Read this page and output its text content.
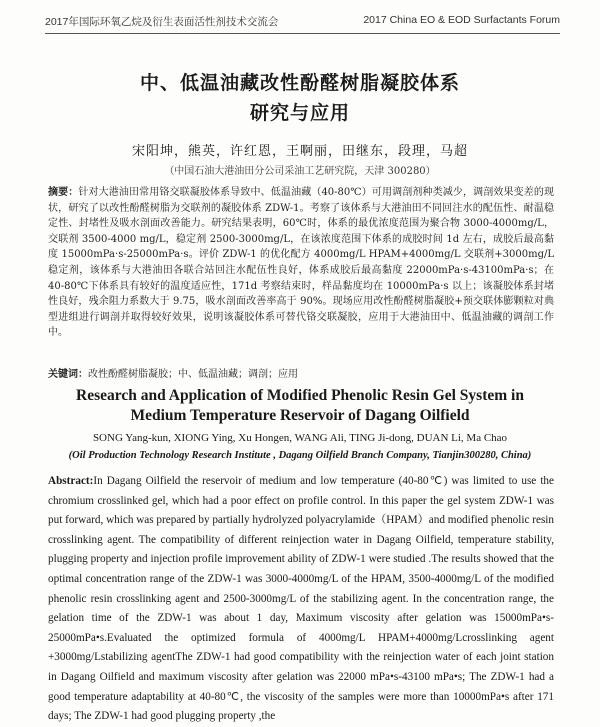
2017年国际环氧乙烷及衍生表面活性剂技术交流会	2017 China EO & EOD Surfactants Forum
中、低温油藏改性酚醛树脂凝胶体系
研究与应用
宋阳坤，熊英，许红恩，王啊丽，田继东，段理，马超
（中国石油大港油田分公司采油工艺研究院，天津 300280）
摘要：针对大港油田常用铬交联凝胶体系导致中、低温油藏（40-80℃）可用调剖剂种类减少，调剖效果变差的现状，研究了以改性酚醛树脂为交联剂的凝胶体系 ZDW-1。考察了该体系与大港油田不同回注水的配伍性、耐温稳定性、封堵性及吸水剖面改善能力。研究结果表明，60℃时，体系的最优浓度范围为聚合物 3000-4000mg/L，交联剂 3500-4000 mg/L，稳定剂 2500-3000mg/L，在该浓度范围下体系的成胶时间 1d 左右，成胶后最高黏度 15000mPa·s-25000mPa·s。评价 ZDW-1 的优化配方 4000mg/L HPAM+4000mg/L 交联剂+3000mg/L 稳定剂，该体系与大港油田各联合站回注水配伍性良好，体系成胶后最高黏度 22000mPa·s-43100mPa·s；在 40-80℃下体系具有较好的温度适应性，171d 考察结束时，样品黏度均在 10000mPa·s 以上；该凝胶体系封堵性良好，残余阻力系数大于 9.75，吸水剖面改善率高于 90%。现场应用改性酚醛树脂凝胶+预交联体膨颗粒对典型进组进行调剖并取得较好效果，说明该凝胶体系可替代铬交联凝胶，应用于大港油田中、低温油藏的调剖工作中。
关键词：改性酚醛树脂凝胶；中、低温油藏；调剖；应用
Research and Application of Modified Phenolic Resin Gel System in
Medium Temperature Reservoir of Dagang Oilfield
SONG Yang-kun, XIONG Ying, Xu Hongen, WANG Ali, TING Ji-dong, DUAN Li, Ma Chao
(Oil Production Technology Research Institute , Dagang Oilfield Branch Company, Tianjin300280, China)
Abstract:In Dagang Oilfield the reservoir of medium and low temperature (40-80℃) was limited to use the chromium crosslinked gel, which had a poor effect on profile control. In this paper the gel system ZDW-1 was put forward, which was prepared by partially hydrolyzed polyacrylamide（HPAM）and modified phenolic resin crosslinking agent. The compatibility of different reinjection water in Dagang Oilfield, temperature stability, plugging property and injection profile improvement ability of ZDW-1 were studied .The results showed that the optimal concentration range of the ZDW-1 was 3000-4000mg/L of the HPAM, 3500-4000mg/L of the modified phenolic resin crosslinking agent and 2500-3000mg/L of the stabilizing agent. In the concentration range, the gelation time of the ZDW-1 was about 1 day, Maximum viscosity after gelation was 15000mPa•s-25000mPa•s.Evaluated the optimized formula of 4000mg/L HPAM+4000mg/Lcrosslinking agent +3000mg/Lstabilizing agentThe ZDW-1 had good compatibility with the reinjection water of each joint station in Dagang Oilfield and maximum viscosity after gelation was 22000 mPa•s-43100 mPa•s; The ZDW-1 had a good temperature adaptability at 40-80℃, the viscosity of the samples were more than 10000mPa•s after 171 days; The ZDW-1 had good plugging property ,the
